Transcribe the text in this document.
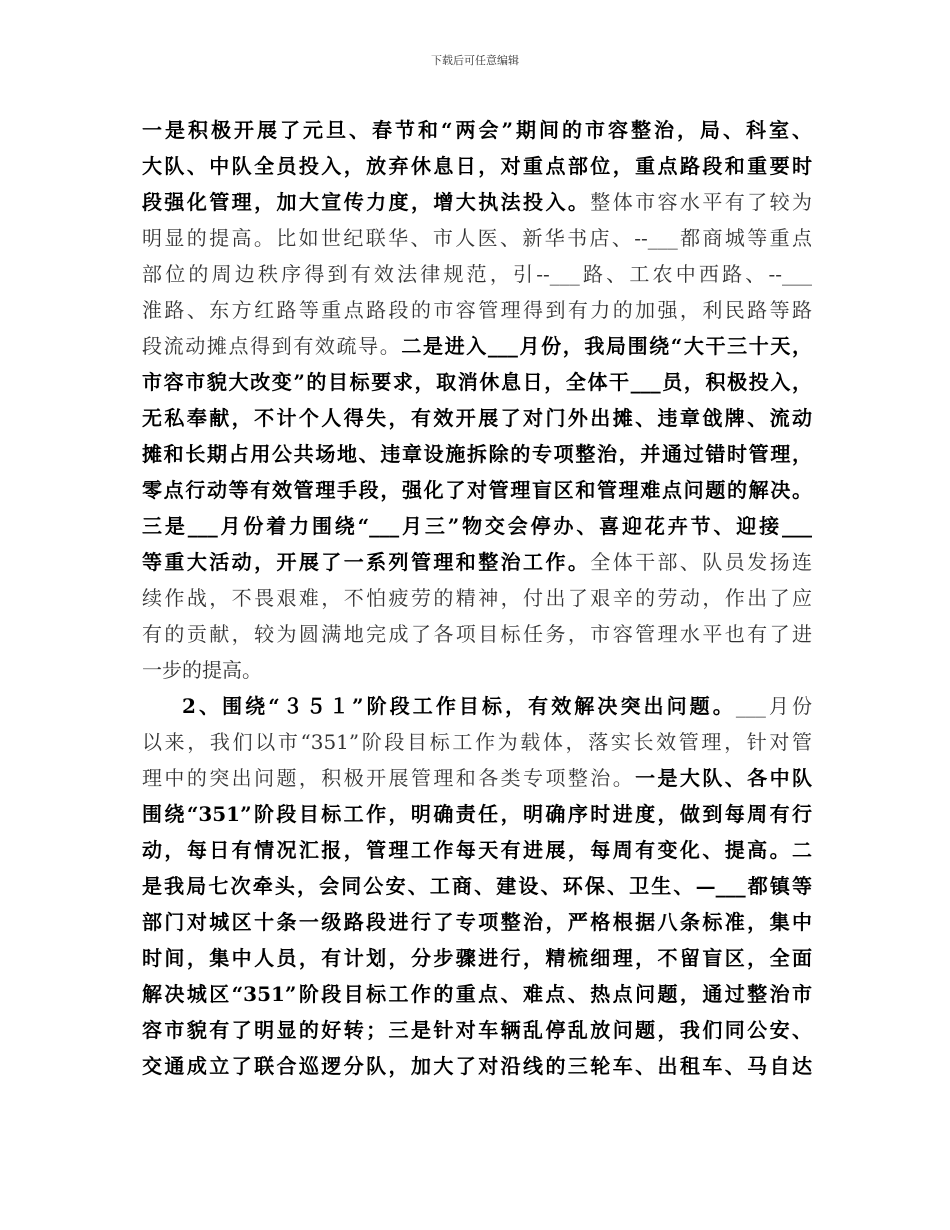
下载后可任意编辑
一是积极开展了元旦、春节和“两会”期间的市容整治，局、科室、
大队、中队全员投入，放弃休息日，对重点部位，重点路段和重要时
段强化管理，加大宣传力度，增大执法投入。整体市容水平有了较为
明显的提高。比如世纪联华、市人医、新华书店、--___都商城等重点
部位的周边秩序得到有效法律规范，引--___路、工农中西路、--___
淮路、东方红路等重点路段的市容管理得到有力的加强，利民路等路
段流动摊点得到有效疏导。二是进入___月份，我局围绕“大干三十天，
市容市貌大改变”的目标要求，取消休息日，全体干___员，积极投入，
无私奉献，不计个人得失，有效开展了对门外出摊、违章戗牌、流动
摊和长期占用公共场地、违章设施拆除的专项整治，并通过错时管理，
零点行动等有效管理手段，强化了对管理盲区和管理难点问题的解决。
三是___月份着力围绕“___月三”物交会停办、喜迎花卉节、迎接___
等重大活动，开展了一系列管理和整治工作。全体干部、队员发扬连
续作战，不畏艰难，不怕疲劳的精神，付出了艰辛的劳动，作出了应
有的贡献，较为圆满地完成了各项目标任务，市容管理水平也有了进
一步的提高。
2、围绕“３５１”阶段工作目标，有效解决突出问题。___月份
以来，我们以市“351”阶段目标工作为载体，落实长效管理，针对管
理中的突出问题，积极开展管理和各类专项整治。一是大队、各中队
围绕“351”阶段目标工作，明确责任，明确序时进度，做到每周有行
动，每日有情况汇报，管理工作每天有进展，每周有变化、提高。二
是我局七次牵头，会同公安、工商、建设、环保、卫生、—___都镇等
部门对城区十条一级路段进行了专项整治，严格根据八条标准，集中
时间，集中人员，有计划，分步骤进行，精梳细理，不留盲区，全面
解决城区“351”阶段目标工作的重点、难点、热点问题，通过整治市
容市貌有了明显的好转；三是针对车辆乱停乱放问题，我们同公安、
交通成立了联合巡逻分队，加大了对沿线的三轮车、出租车、马自达
